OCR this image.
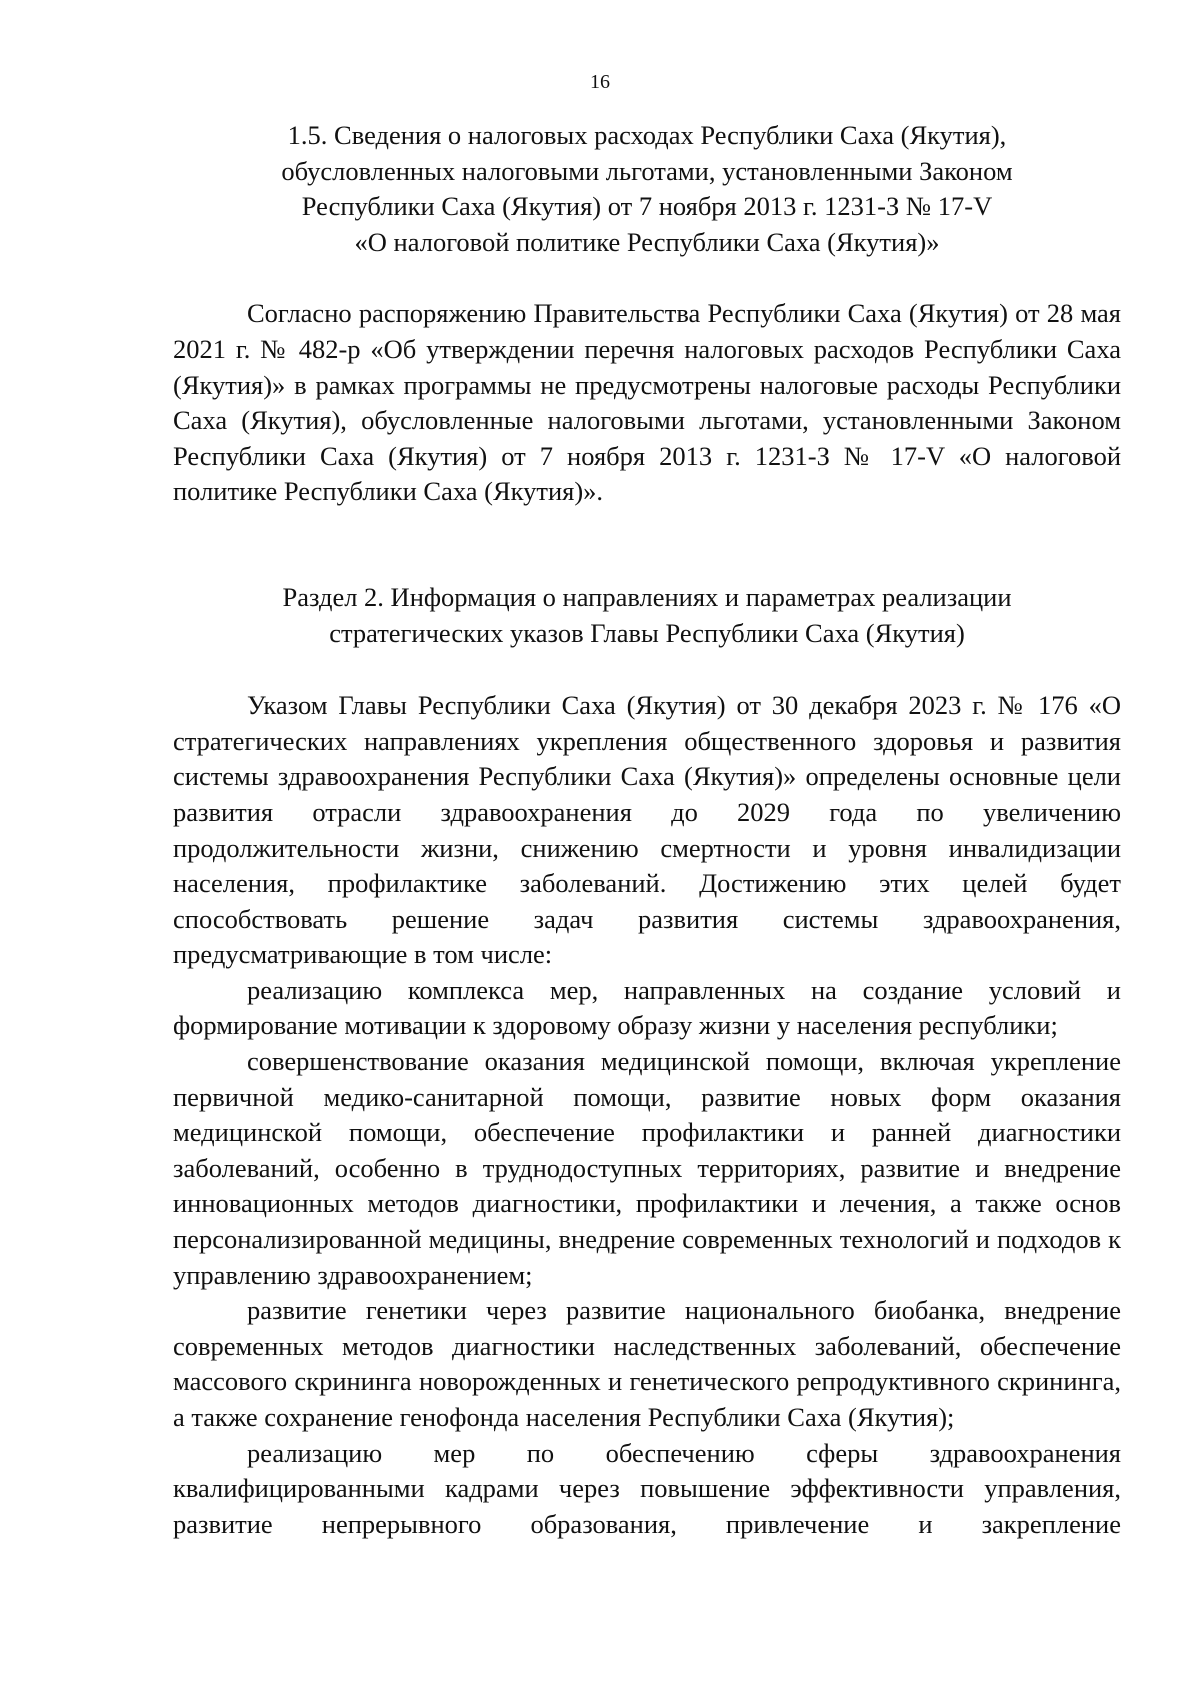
16
1.5. Сведения о налоговых расходах Республики Саха (Якутия),
обусловленных налоговыми льготами, установленными Законом
Республики Саха (Якутия) от 7 ноября 2013 г. 1231-З № 17-V
«О налоговой политике Республики Саха (Якутия)»

Согласно распоряжению Правительства Республики Саха (Якутия) от 28 мая 2021 г. № 482-р «Об утверждении перечня налоговых расходов Республики Саха (Якутия)» в рамках программы не предусмотрены налоговые расходы Республики Саха (Якутия), обусловленные налоговыми льготами, установленными Законом Республики Саха (Якутия) от 7 ноября 2013 г. 1231-З № 17-V «О налоговой политике Республики Саха (Якутия)».

Раздел 2. Информация о направлениях и параметрах реализации
стратегических указов Главы Республики Саха (Якутия)

Указом Главы Республики Саха (Якутия) от 30 декабря 2023 г. № 176 «О стратегических направлениях укрепления общественного здоровья и развития системы здравоохранения Республики Саха (Якутия)» определены основные цели развития отрасли здравоохранения до 2029 года по увеличению продолжительности жизни, снижению смертности и уровня инвалидизации населения, профилактике заболеваний. Достижению этих целей будет способствовать решение задач развития системы здравоохранения, предусматривающие в том числе:

реализацию комплекса мер, направленных на создание условий и формирование мотивации к здоровому образу жизни у населения республики;

совершенствование оказания медицинской помощи, включая укрепление первичной медико-санитарной помощи, развитие новых форм оказания медицинской помощи, обеспечение профилактики и ранней диагностики заболеваний, особенно в труднодоступных территориях, развитие и внедрение инновационных методов диагностики, профилактики и лечения, а также основ персонализированной медицины, внедрение современных технологий и подходов к управлению здравоохранением;

развитие генетики через развитие национального биобанка, внедрение современных методов диагностики наследственных заболеваний, обеспечение массового скрининга новорожденных и генетического репродуктивного скрининга, а также сохранение генофонда населения Республики Саха (Якутия);

реализацию мер по обеспечению сферы здравоохранения квалифицированными кадрами через повышение эффективности управления, развитие непрерывного образования, привлечение и закрепление
